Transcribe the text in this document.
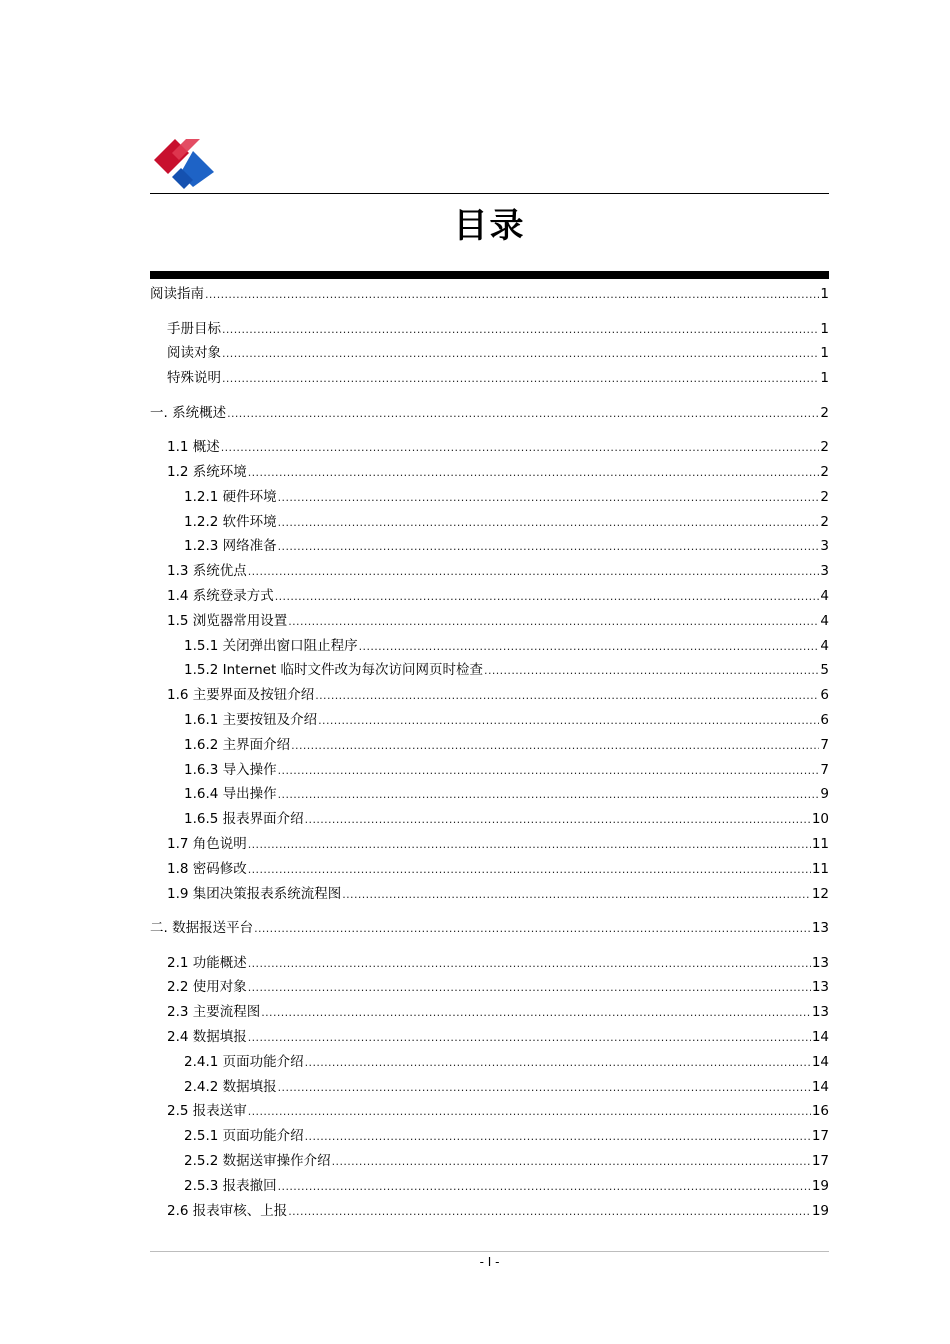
目录
阅读指南 .....	1
手册目标 .....	1
阅读对象 .....	1
特殊说明 .....	1
一. 系统概述 .....	2
1.1 概述 .....	2
1.2 系统环境 .....	2
1.2.1 硬件环境 .....	2
1.2.2 软件环境 .....	2
1.2.3 网络准备 .....	3
1.3 系统优点 .....	3
1.4 系统登录方式 .....	4
1.5 浏览器常用设置 .....	4
1.5.1 关闭弹出窗口阻止程序 .....	4
1.5.2 Internet 临时文件改为每次访问网页时检查 .....	5
1.6 主要界面及按钮介绍 .....	6
1.6.1 主要按钮及介绍 .....	6
1.6.2 主界面介绍 .....	7
1.6.3 导入操作 .....	7
1.6.4 导出操作 .....	9
1.6.5 报表界面介绍 .....	10
1.7 角色说明 .....	11
1.8 密码修改 .....	11
1.9 集团决策报表系统流程图 .....	12
二. 数据报送平台 .....	13
2.1 功能概述 .....	13
2.2 使用对象 .....	13
2.3 主要流程图 .....	13
2.4 数据填报 .....	14
2.4.1 页面功能介绍 .....	14
2.4.2 数据填报 .....	14
2.5 报表送审 .....	16
2.5.1 页面功能介绍 .....	17
2.5.2 数据送审操作介绍 .....	17
2.5.3 报表撤回 .....	19
2.6 报表审核、上报 .....	19
- I -
